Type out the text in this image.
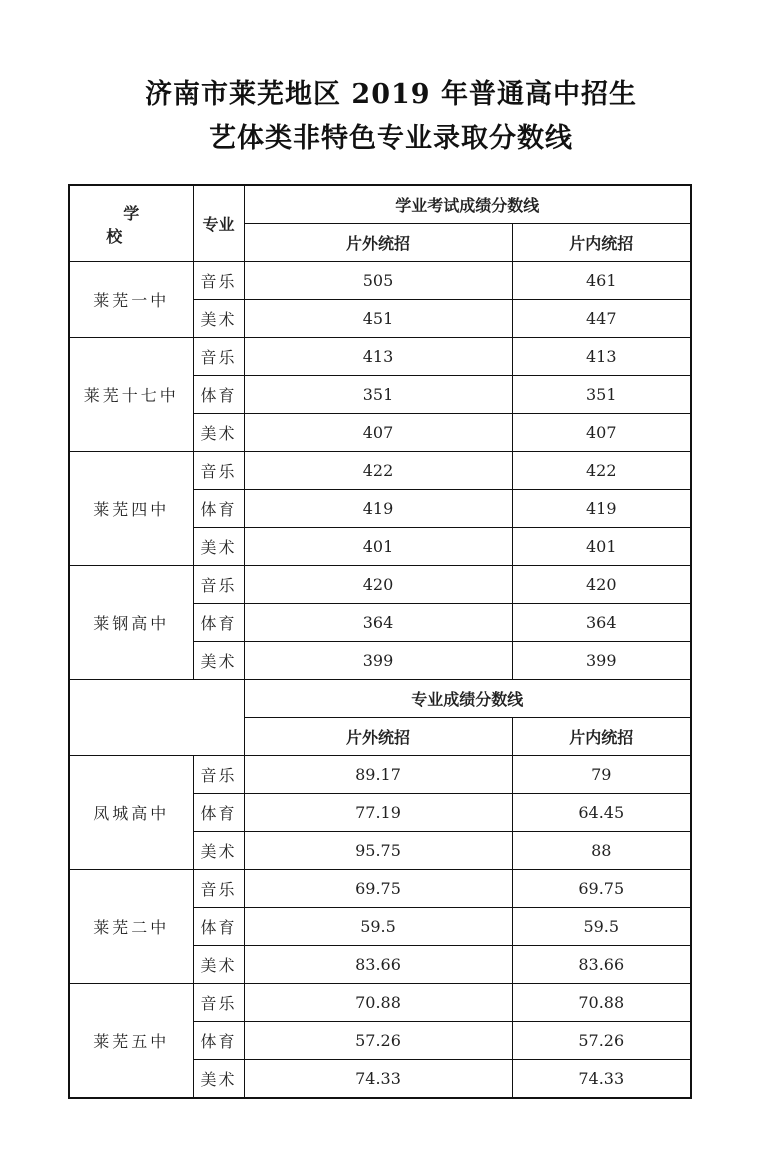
济南市莱芜地区 2019 年普通高中招生
艺体类非特色专业录取分数线
学 校	专业	学业考试成绩分数线	
		片外统招	片内统招
莱芜一中	音乐	505	461
	美术	451	447
莱芜十七中	音乐	413	413
	体育	351	351
	美术	407	407
莱芜四中	音乐	422	422
	体育	419	419
	美术	401	401
莱钢高中	音乐	420	420
	体育	364	364
	美术	399	399
		专业成绩分数线	
		片外统招	片内统招
凤城高中	音乐	89.17	79
	体育	77.19	64.45
	美术	95.75	88
莱芜二中	音乐	69.75	69.75
	体育	59.5	59.5
	美术	83.66	83.66
莱芜五中	音乐	70.88	70.88
	体育	57.26	57.26
	美术	74.33	74.33
